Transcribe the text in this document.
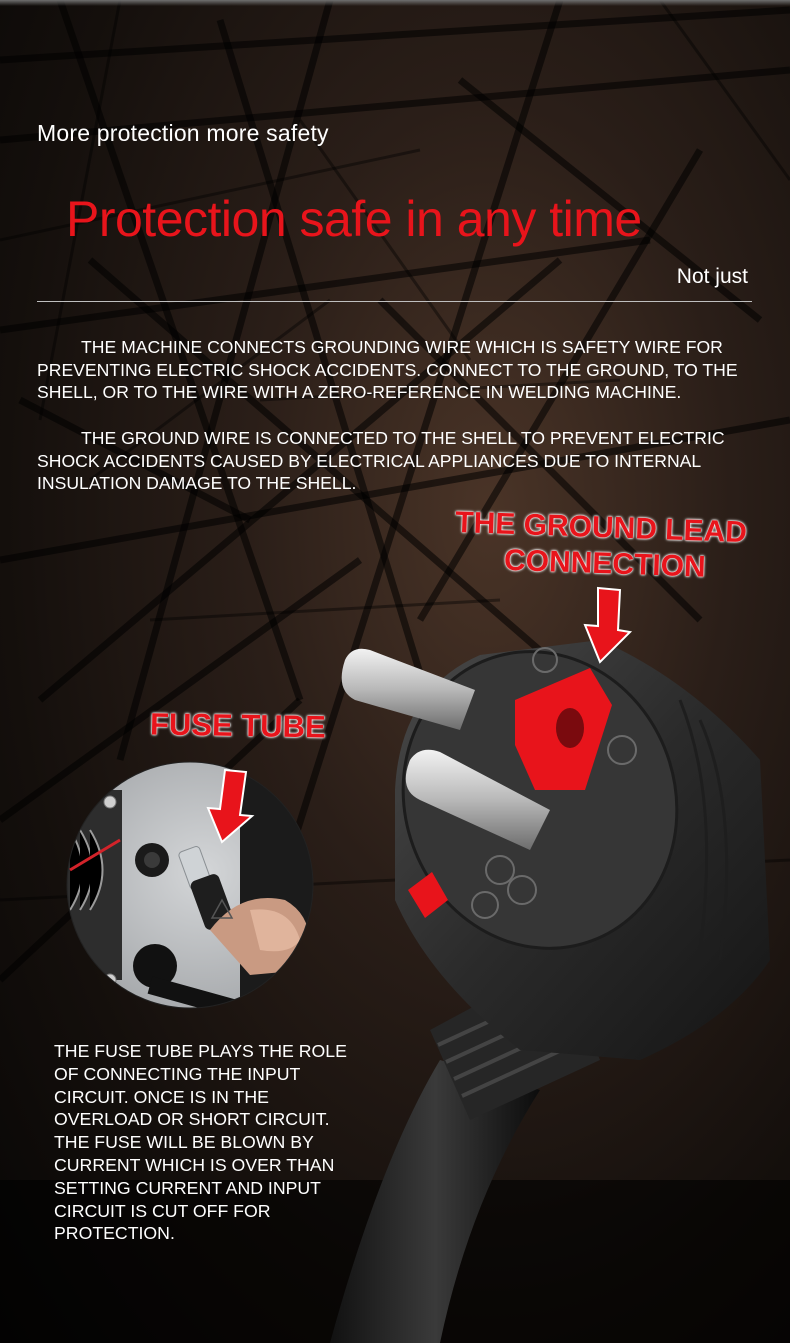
More protection more safety
Protection safe in any time
Not just

THE MACHINE CONNECTS GROUNDING WIRE WHICH IS SAFETY WIRE FOR PREVENTING ELECTRIC SHOCK ACCIDENTS. CONNECT TO THE GROUND, TO THE SHELL, OR TO THE WIRE WITH A ZERO-REFERENCE IN WELDING MACHINE.

THE GROUND WIRE IS CONNECTED TO THE SHELL TO PREVENT ELECTRIC SHOCK ACCIDENTS CAUSED BY ELECTRICAL APPLIANCES DUE TO INTERNAL INSULATION DAMAGE TO THE SHELL.

THE GROUND LEAD
CONNECTION
FUSE TUBE

THE FUSE TUBE PLAYS THE ROLE OF CONNECTING THE INPUT CIRCUIT. ONCE IS IN THE OVERLOAD OR SHORT CIRCUIT. THE FUSE WILL BE BLOWN BY CURRENT WHICH IS OVER THAN SETTING CURRENT AND INPUT CIRCUIT IS CUT OFF FOR PROTECTION.
